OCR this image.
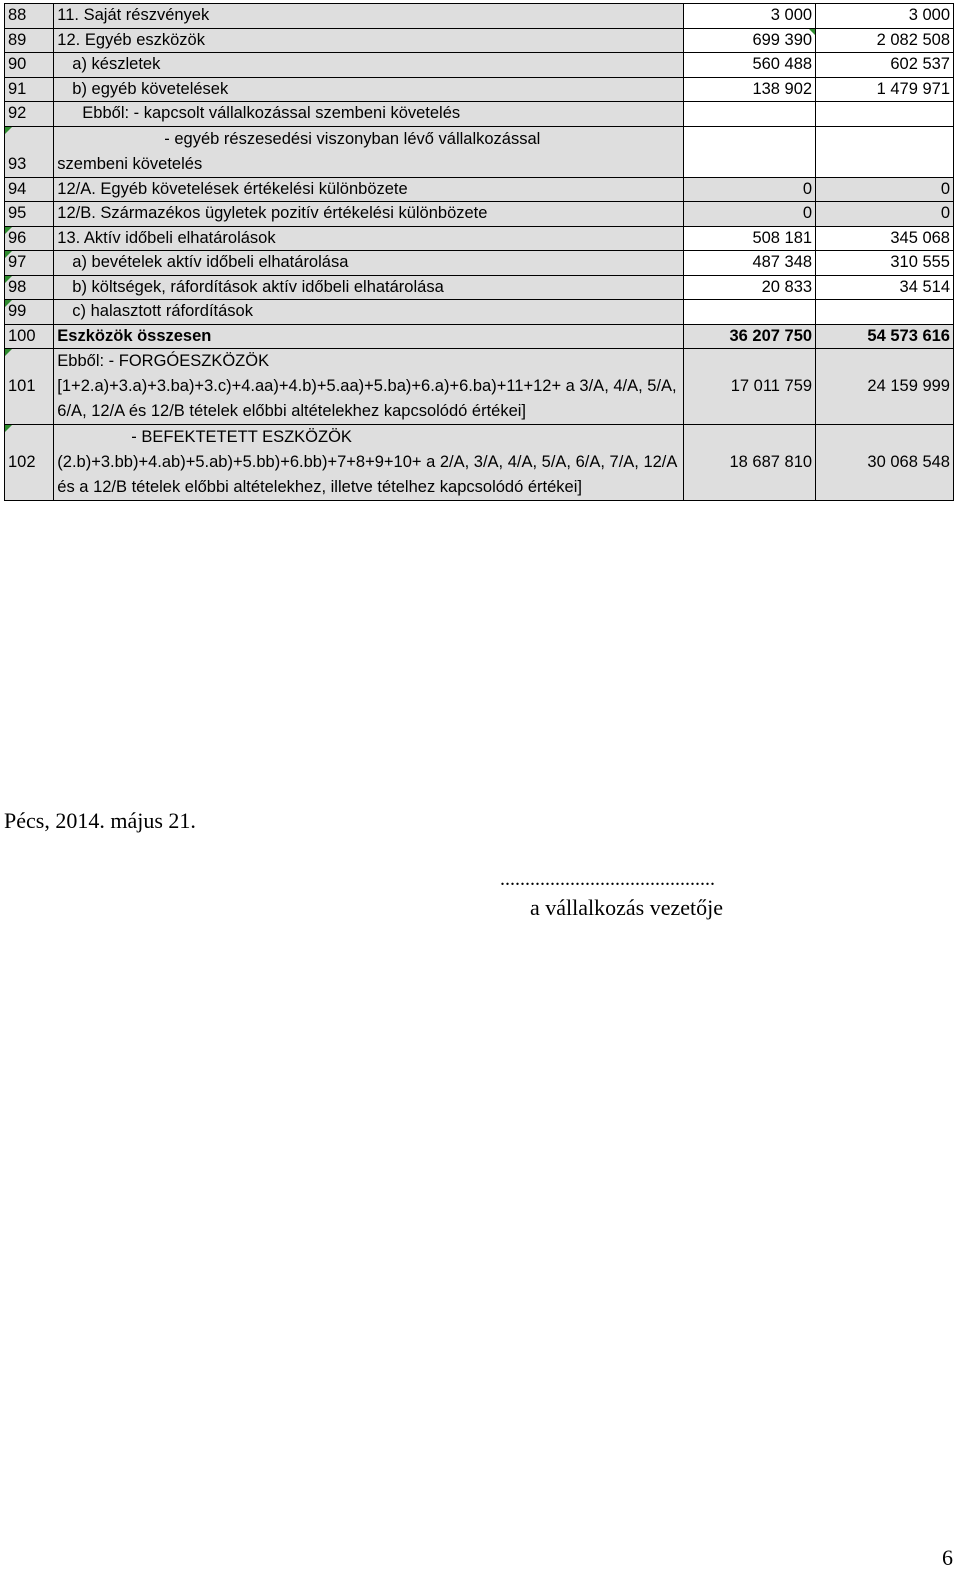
88	11. Saját részvények	3 000	3 000
89	12. Egyéb eszközök	699 390	2 082 508
90	a) készletek	560 488	602 537
91	b) egyéb követelések	138 902	1 479 971
92	Ebből: - kapcsolt vállalkozással szembeni követelés		

93	- egyéb részesedési viszonyban lévő vállalkozással
szembeni követelés		

94	12/A. Egyéb követelések értékelési különbözete	0	0
95	12/B. Származékos ügyletek pozitív értékelési különbözete	0	0

96	13. Aktív időbeli elhatárolások	508 181	345 068

97	a) bevételek aktív időbeli elhatárolása	487 348	310 555

98	b) költségek, ráfordítások aktív időbeli elhatárolása	20 833	34 514

99	c) halasztott ráfordítások		
100	Eszközök összesen	36 207 750	54 573 616

101	Ebből: - FORGÓESZKÖZÖK
[1+2.a)+3.a)+3.ba)+3.c)+4.aa)+4.b)+5.aa)+5.ba)+6.a)+6.ba)+11+12+ a 3/A, 4/A, 5/A, 6/A, 12/A és 12/B tételek előbbi altételekhez kapcsolódó értékei]	17 011 759	24 159 999

102	- BEFEKTETETT ESZKÖZÖK
(2.b)+3.bb)+4.ab)+5.ab)+5.bb)+6.bb)+7+8+9+10+ a 2/A, 3/A, 4/A, 5/A, 6/A, 7/A, 12/A és a 12/B tételek előbbi altételekhez, illetve tételhez kapcsolódó értékei]	18 687 810	30 068 548
Pécs, 2014. május 21.
...........................................
a vállalkozás vezetője
6
